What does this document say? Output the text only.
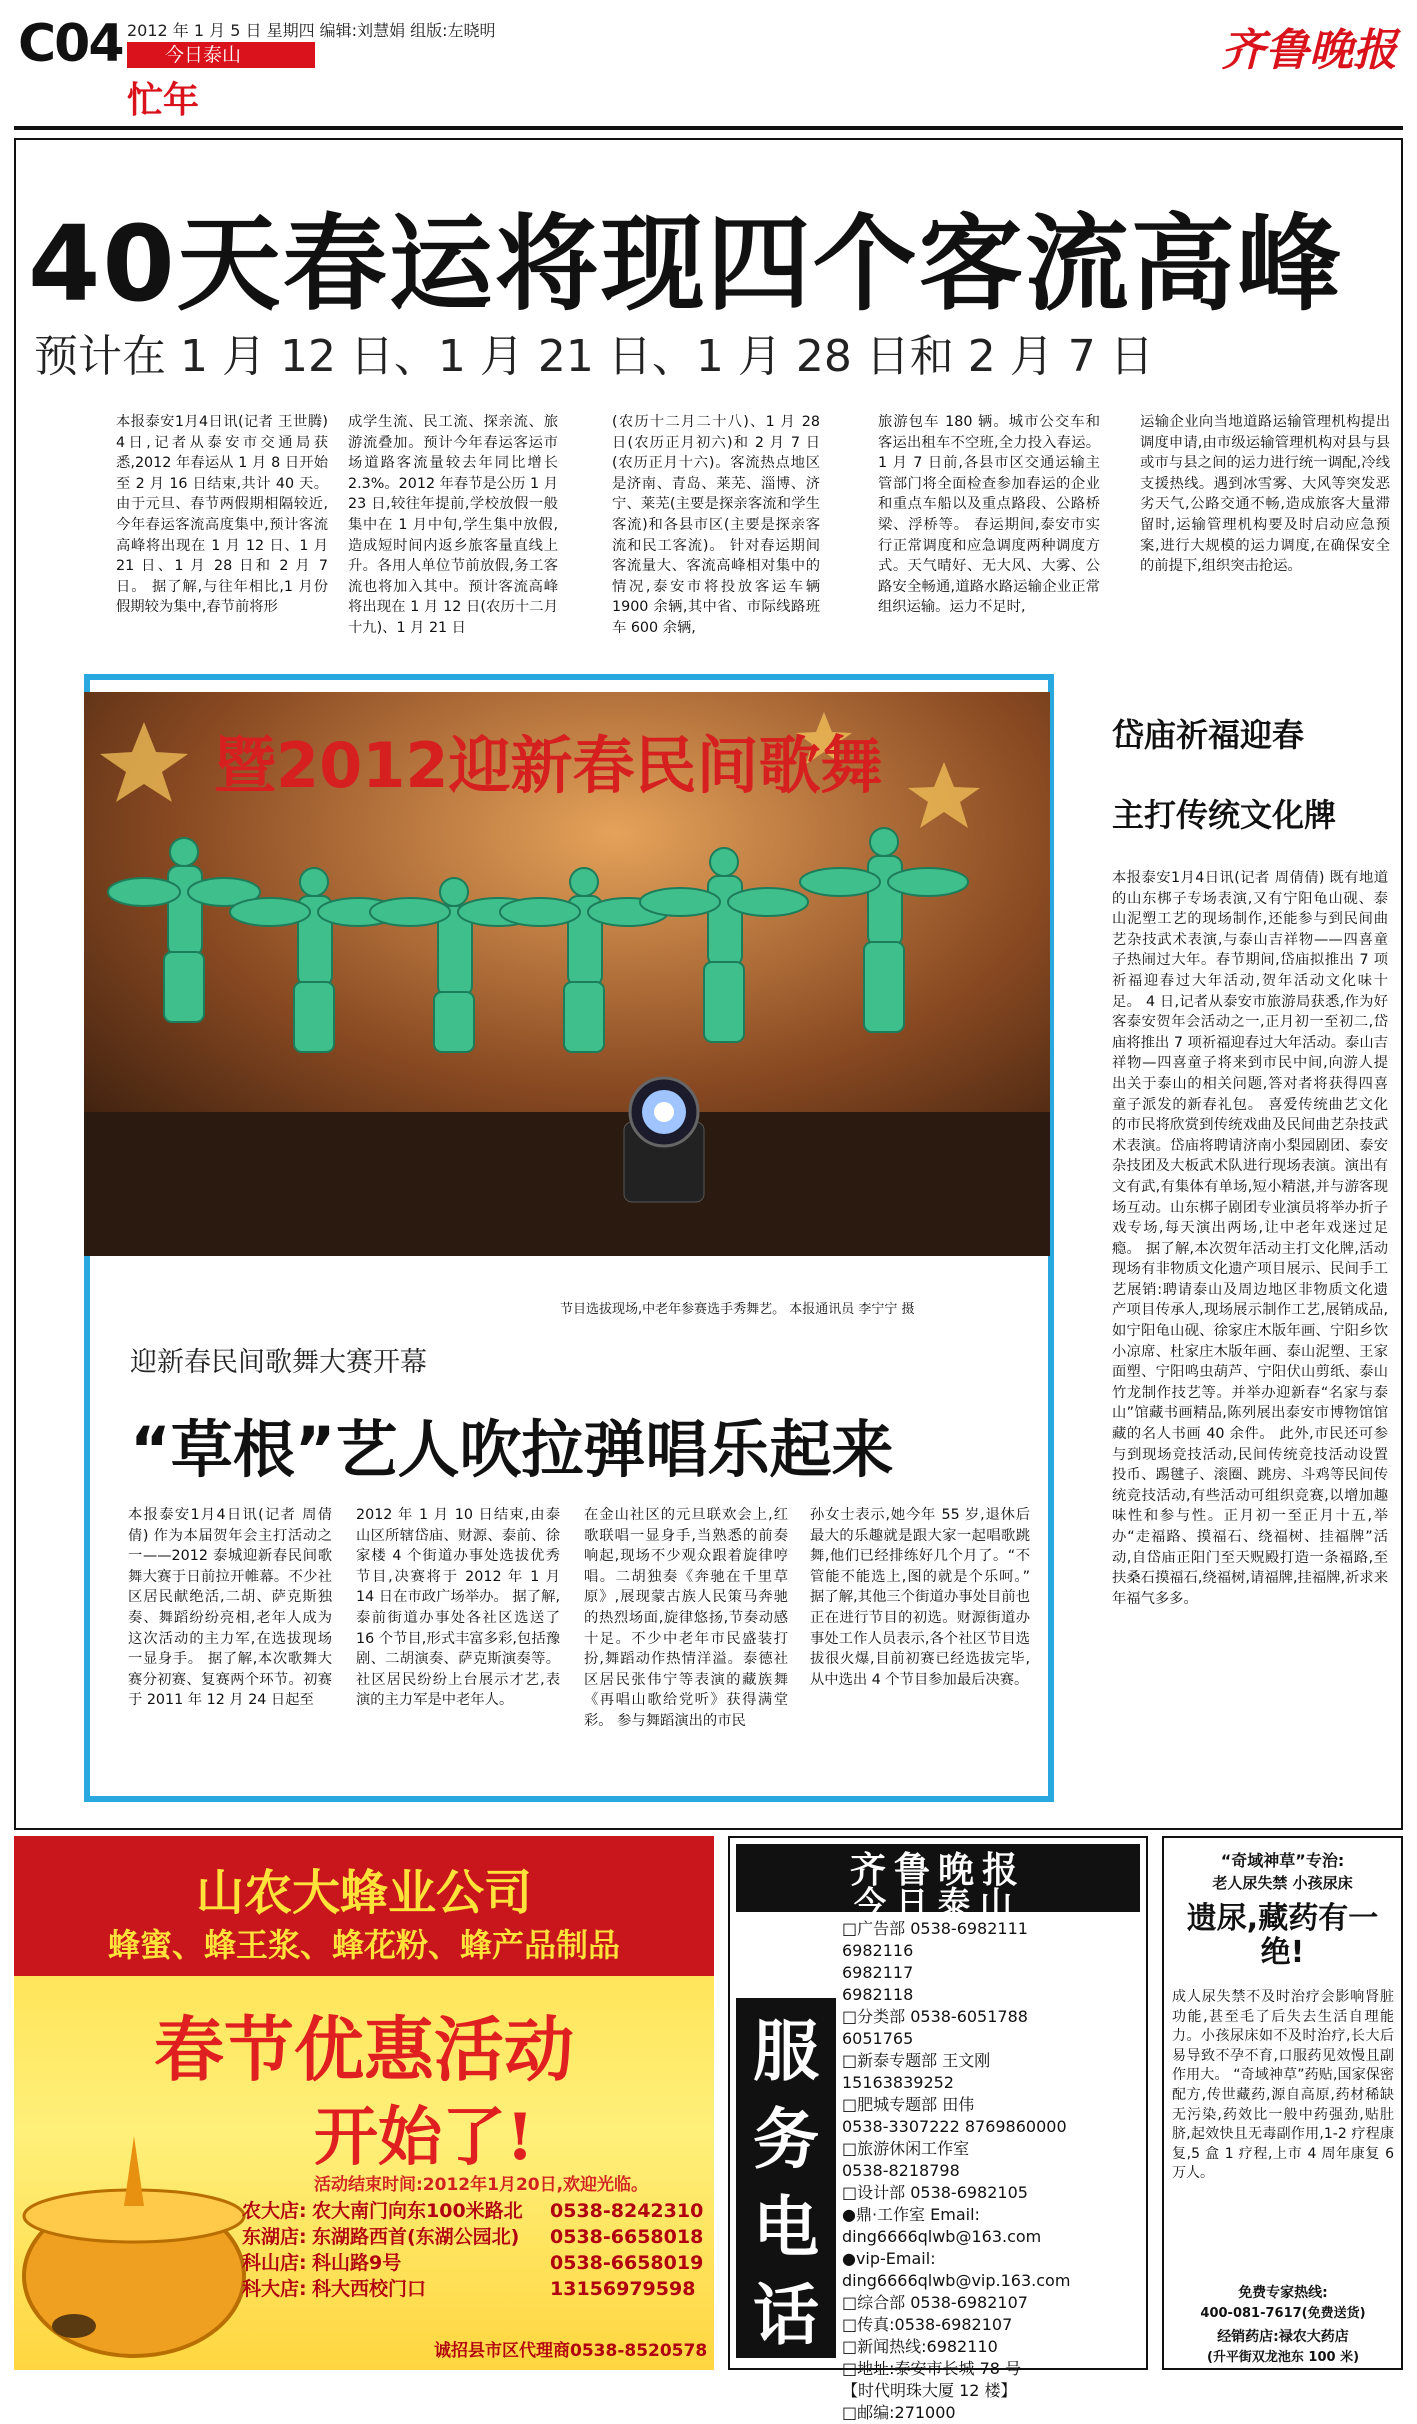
C04 2012 年 1 月 5 日 星期四 编辑:刘慧娟 组版:左晓明
今日泰山
忙年
齐鲁晚报
40天春运将现四个客流高峰
预计在 1 月 12 日、1 月 21 日、1 月 28 日和 2 月 7 日
本报泰安1月4日讯(记者 王世腾) 4日,记者从泰安市交通局获悉,2012 年春运从 1 月 8 日开始至 2 月 16 日结束,共计 40 天。由于元旦、春节两假期相隔较近,今年春运客流高度集中,预计客流高峰将出现在 1 月 12 日、1 月 21 日、1 月 28 日和 2 月 7 日。 据了解,与往年相比,1 月份假期较为集中,春节前将形
成学生流、民工流、探亲流、旅游流叠加。预计今年春运客运市场道路客流量较去年同比增长 2.3%。2012 年春节是公历 1 月 23 日,较往年提前,学校放假一般集中在 1 月中旬,学生集中放假,造成短时间内返乡旅客量直线上升。各用人单位节前放假,务工客流也将加入其中。预计客流高峰将出现在 1 月 12 日(农历十二月十九)、1 月 21 日
(农历十二月二十八)、1 月 28 日(农历正月初六)和 2 月 7 日(农历正月十六)。客流热点地区是济南、青岛、莱芜、淄博、济宁、莱芜(主要是探亲客流和学生客流)和各县市区(主要是探亲客流和民工客流)。 针对春运期间客流量大、客流高峰相对集中的情况,泰安市将投放客运车辆 1900 余辆,其中省、市际线路班车 600 余辆,
旅游包车 180 辆。城市公交车和客运出租车不空班,全力投入春运。1 月 7 日前,各县市区交通运输主管部门将全面检查参加春运的企业和重点车船以及重点路段、公路桥梁、浮桥等。 春运期间,泰安市实行正常调度和应急调度两种调度方式。天气晴好、无大风、大雾、公路安全畅通,道路水路运输企业正常组织运输。运力不足时,
运输企业向当地道路运输管理机构提出调度申请,由市级运输管理机构对县与县或市与县之间的运力进行统一调配,冷线支援热线。遇到冰雪雾、大风等突发恶劣天气,公路交通不畅,造成旅客大量滞留时,运输管理机构要及时启动应急预案,进行大规模的运力调度,在确保安全的前提下,组织突击抢运。
暨2012迎新春民间歌舞
节目选拔现场,中老年参赛选手秀舞艺。 本报通讯员 李宁宁 摄
迎新春民间歌舞大赛开幕
“草根”艺人吹拉弹唱乐起来
本报泰安1月4日讯(记者 周倩倩) 作为本届贺年会主打活动之一——2012 泰城迎新春民间歌舞大赛于日前拉开帷幕。不少社区居民献绝活,二胡、萨克斯独奏、舞蹈纷纷亮相,老年人成为这次活动的主力军,在选拔现场一显身手。 据了解,本次歌舞大赛分初赛、复赛两个环节。初赛于 2011 年 12 月 24 日起至
2012 年 1 月 10 日结束,由泰山区所辖岱庙、财源、泰前、徐家楼 4 个街道办事处选拔优秀节目,决赛将于 2012 年 1 月 14 日在市政广场举办。 据了解,泰前街道办事处各社区选送了 16 个节目,形式丰富多彩,包括豫剧、二胡演奏、萨克斯演奏等。社区居民纷纷上台展示才艺,表演的主力军是中老年人。
在金山社区的元旦联欢会上,红歌联唱一显身手,当熟悉的前奏响起,现场不少观众跟着旋律哼唱。二胡独奏《奔驰在千里草原》,展现蒙古族人民策马奔驰的热烈场面,旋律悠扬,节奏动感十足。不少中老年市民盛装打扮,舞蹈动作热情洋溢。泰德社区居民张伟宁等表演的藏族舞《再唱山歌给党听》获得满堂彩。 参与舞蹈演出的市民
孙女士表示,她今年 55 岁,退休后最大的乐趣就是跟大家一起唱歌跳舞,他们已经排练好几个月了。“不管能不能选上,图的就是个乐呵。” 据了解,其他三个街道办事处目前也正在进行节目的初选。财源街道办事处工作人员表示,各个社区节目选拔很火爆,目前初赛已经选拔完毕,从中选出 4 个节目参加最后决赛。
岱庙祈福迎春
主打传统文化牌
本报泰安1月4日讯(记者 周倩倩) 既有地道的山东梆子专场表演,又有宁阳龟山砚、泰山泥塑工艺的现场制作,还能参与到民间曲艺杂技武术表演,与泰山吉祥物——四喜童子热闹过大年。春节期间,岱庙拟推出 7 项祈福迎春过大年活动,贺年活动文化味十足。 4 日,记者从泰安市旅游局获悉,作为好客泰安贺年会活动之一,正月初一至初二,岱庙将推出 7 项祈福迎春过大年活动。泰山吉祥物—四喜童子将来到市民中间,向游人提出关于泰山的相关问题,答对者将获得四喜童子派发的新春礼包。 喜爱传统曲艺文化的市民将欣赏到传统戏曲及民间曲艺杂技武术表演。岱庙将聘请济南小梨园剧团、泰安杂技团及大板武术队进行现场表演。演出有文有武,有集体有单场,短小精湛,并与游客现场互动。山东梆子剧团专业演员将举办折子戏专场,每天演出两场,让中老年戏迷过足瘾。 据了解,本次贺年活动主打文化牌,活动现场有非物质文化遗产项目展示、民间手工艺展销:聘请泰山及周边地区非物质文化遗产项目传承人,现场展示制作工艺,展销成品,如宁阳龟山砚、徐家庄木版年画、宁阳乡饮小凉席、杜家庄木版年画、泰山泥塑、王家面塑、宁阳鸣虫葫芦、宁阳伏山剪纸、泰山竹龙制作技艺等。并举办迎新春“名家与泰山”馆藏书画精品,陈列展出泰安市博物馆馆藏的名人书画 40 余件。 此外,市民还可参与到现场竞技活动,民间传统竞技活动设置投币、踢毽子、滚圈、跳房、斗鸡等民间传统竞技活动,有些活动可组织竞赛,以增加趣味性和参与性。正月初一至正月十五,举办“走福路、摸福石、绕福树、挂福牌”活动,自岱庙正阳门至天贶殿打造一条福路,至扶桑石摸福石,绕福树,请福牌,挂福牌,祈求来年福气多多。
山农大蜂业公司
蜂蜜、蜂王浆、蜂花粉、蜂产品制品
春节优惠活动
开始了!
活动结束时间:2012年1月20日,欢迎光临。
农大店: 农大南门向东100米路北 0538-8242310
东湖店: 东湖路西首(东湖公园北) 0538-6658018
科山店: 科山路9号	0538-6658019
科大店: 科大西校门口	13156979598
诚招县市区代理商0538-8520578
齐鲁晚报
今日泰山
服
务
电
话
□广告部 0538-6982111
6982116
6982117
6982118
□分类部 0538-6051788
6051765
□新泰专题部 王文刚
15163839252
□肥城专题部 田伟
0538-3307222 8769860000
□旅游休闲工作室
0538-8218798
□设计部 0538-6982105
●鼎·工作室 Email:
ding6666qlwb@163.com
●vip-Email:
ding6666qlwb@vip.163.com
□综合部 0538-6982107
□传真:0538-6982107
□新闻热线:6982110
□地址:泰安市长城 78 号
【时代明珠大厦 12 楼】
□邮编:271000
“奇域神草”专治:
老人尿失禁 小孩尿床
遗尿,藏药有一绝!
成人尿失禁不及时治疗会影响肾脏功能,甚至毛了后失去生活自理能力。小孩尿床如不及时治疗,长大后易导致不孕不育,口服药见效慢且副作用大。 “奇域神草”药贴,国家保密配方,传世藏药,源自高原,药材稀缺无污染,药效比一般中药强劲,贴肚脐,起效快且无毒副作用,1-2 疗程康复,5 盒 1 疗程,上市 4 周年康复 6 万人。
免费专家热线:
400-081-7617(免费送货)
经销药店:禄农大药店
(升平街双龙池东 100 米)
